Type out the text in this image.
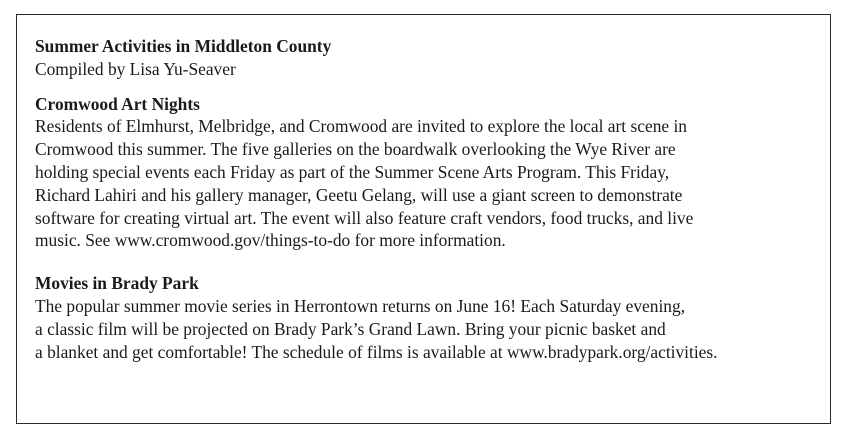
Summer Activities in Middleton County
Compiled by Lisa Yu-Seaver
Cromwood Art Nights
Residents of Elmhurst, Melbridge, and Cromwood are invited to explore the local art scene in
Cromwood this summer. The five galleries on the boardwalk overlooking the Wye River are
holding special events each Friday as part of the Summer Scene Arts Program. This Friday,
Richard Lahiri and his gallery manager, Geetu Gelang, will use a giant screen to demonstrate
software for creating virtual art. The event will also feature craft vendors, food trucks, and live
music. See www.cromwood.gov/things-to-do for more information.
Movies in Brady Park
The popular summer movie series in Herrontown returns on June 16! Each Saturday evening,
a classic film will be projected on Brady Park’s Grand Lawn. Bring your picnic basket and
a blanket and get comfortable! The schedule of films is available at www.bradypark.org/activities.
